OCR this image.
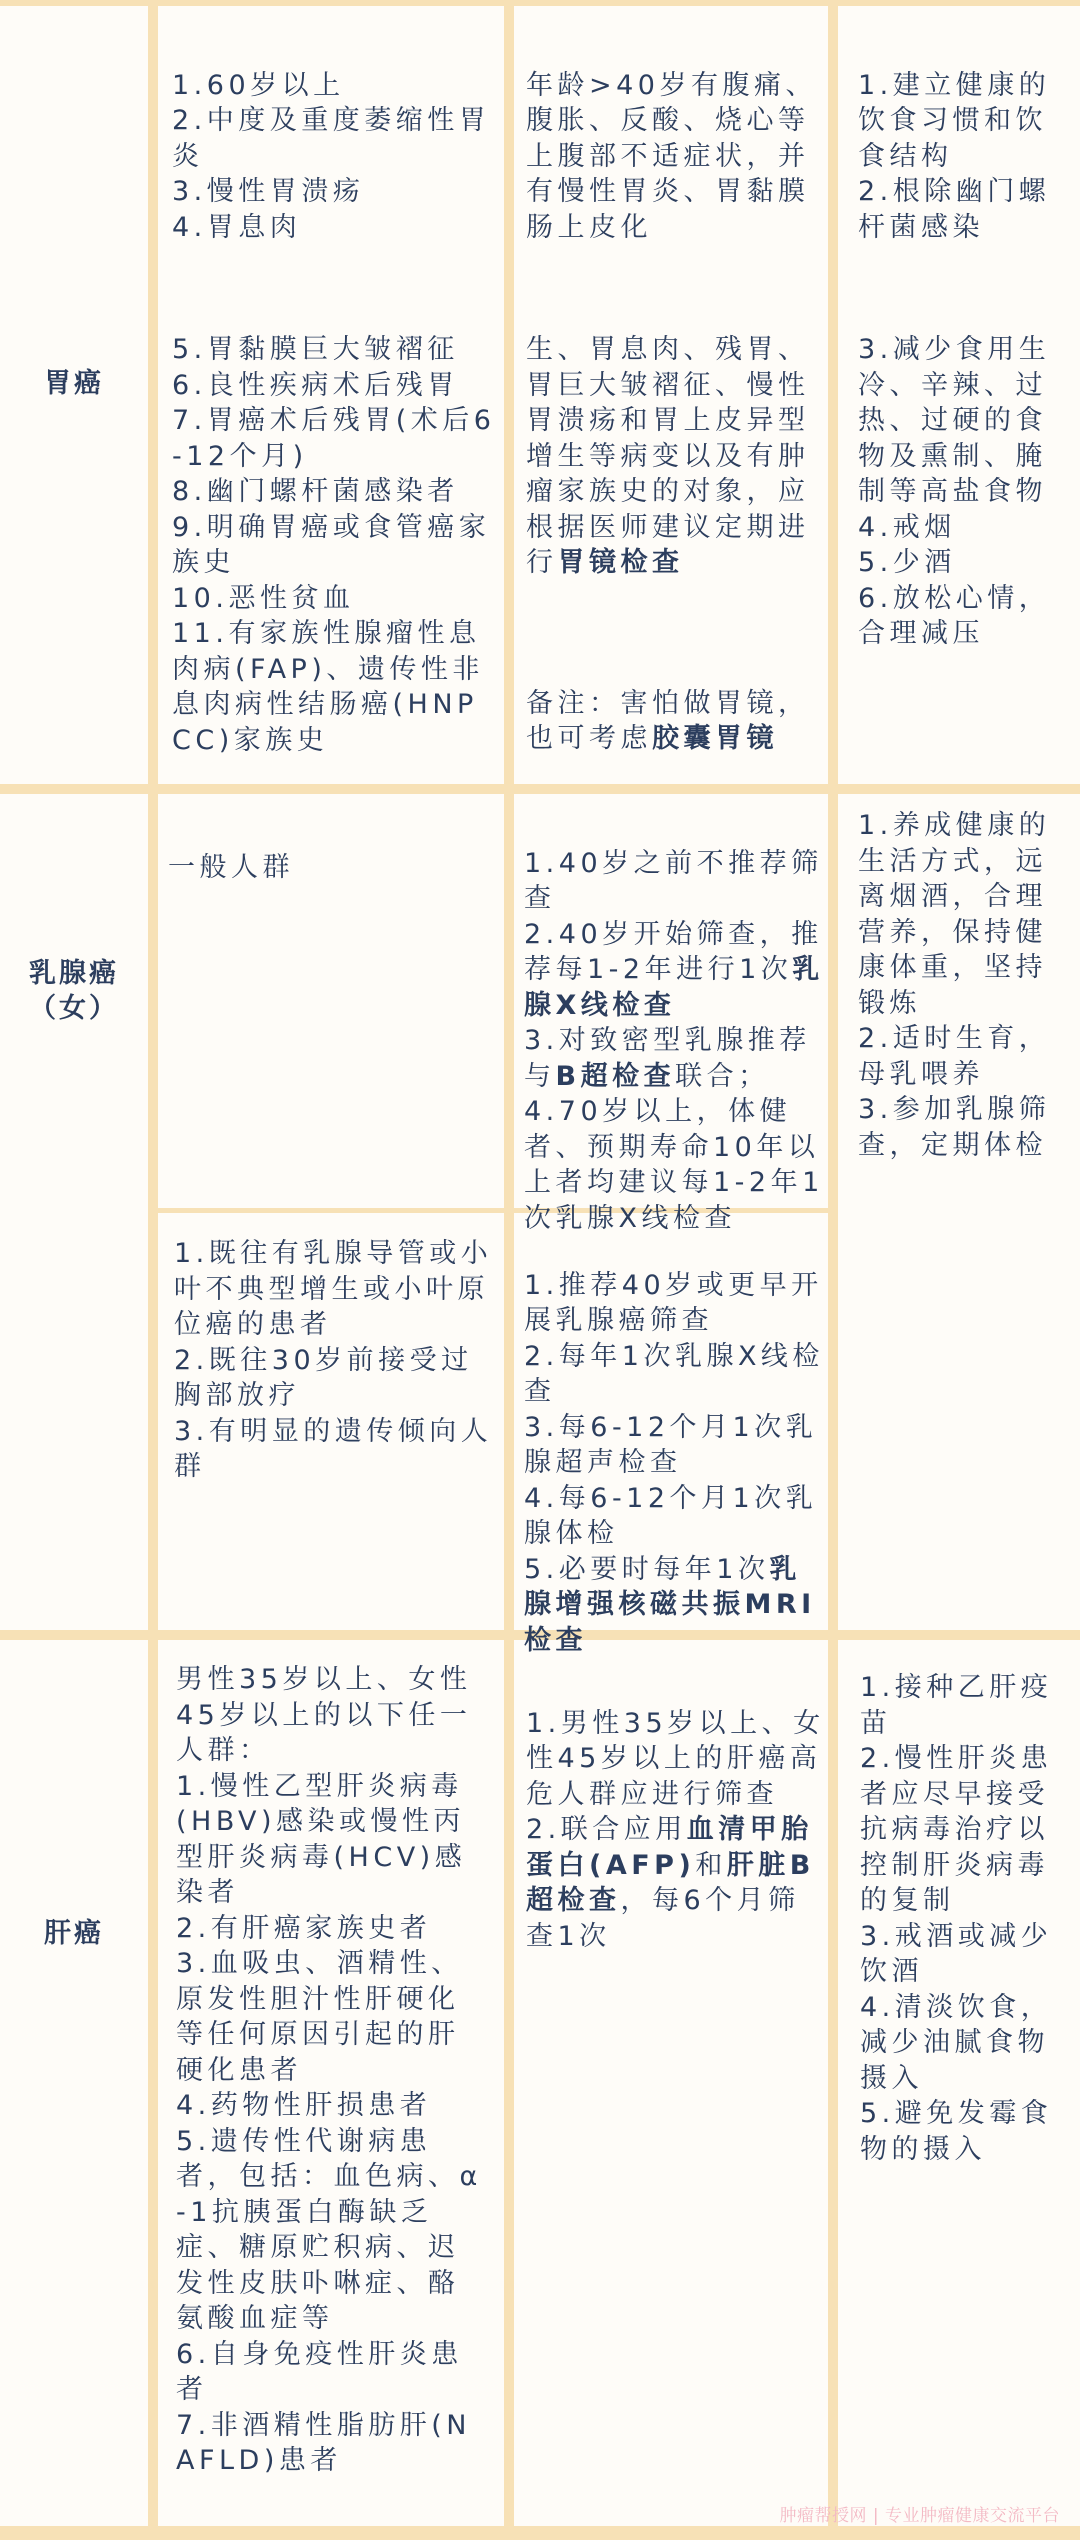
胃癌

1.60岁以上
2.中度及重度萎缩性胃炎
3.慢性胃溃疡
4.胃息肉

5.胃黏膜巨大皱褶征
6.良性疾病术后残胃
7.胃癌术后残胃(术后6-12个月)
8.幽门螺杆菌感染者
9.明确胃癌或食管癌家族史
10.恶性贫血
11.有家族性腺瘤性息肉病(FAP)、遗传性非息肉病性结肠癌(HNPCC)家族史

年龄>40岁有腹痛、腹胀、反酸、烧心等上腹部不适症状，并有慢性胃炎、胃黏膜肠上皮化

生、胃息肉、残胃、胃巨大皱褶征、慢性胃溃疡和胃上皮异型增生等病变以及有肿瘤家族史的对象，应根据医师建议定期进行胃镜检查

备注：害怕做胃镜，也可考虑胶囊胃镜

1.建立健康的饮食习惯和饮食结构
2.根除幽门螺杆菌感染

3.减少食用生冷、辛辣、过热、过硬的食物及熏制、腌制等高盐食物
4.戒烟
5.少酒
6.放松心情，合理减压

乳腺癌
（女）
一般人群	1.40岁之前不推荐筛查
2.40岁开始筛查，推荐每1-2年进行1次乳腺X线检查
3.对致密型乳腺推荐与B超检查联合；
4.70岁以上，体健者、预期寿命10年以上者均建议每1-2年1次乳腺X线检查

1.养成健康的生活方式，远离烟酒，合理营养，保持健康体重，坚持锻炼
2.适时生育，母乳喂养
3.参加乳腺筛查，定期体检
1.既往有乳腺导管或小叶不典型增生或小叶原位癌的患者
2.既往30岁前接受过胸部放疗
3.有明显的遗传倾向人群

1.推荐40岁或更早开展乳腺癌筛查
2.每年1次乳腺X线检查
3.每6-12个月1次乳腺超声检查
4.每6-12个月1次乳腺体检
5.必要时每年1次乳腺增强核磁共振MRI检查

肝癌
男性35岁以上、女性45岁以上的以下任一人群：
1.慢性乙型肝炎病毒(HBV)感染或慢性丙型肝炎病毒(HCV)感染者
2.有肝癌家族史者
3.血吸虫、酒精性、原发性胆汁性肝硬化等任何原因引起的肝硬化患者
4.药物性肝损患者
5.遗传性代谢病患者，包括：血色病、α-1抗胰蛋白酶缺乏症、糖原贮积病、迟发性皮肤卟啉症、酪氨酸血症等
6.自身免疫性肝炎患者
7.非酒精性脂肪肝(NAFLD)患者

1.男性35岁以上、女性45岁以上的肝癌高危人群应进行筛查
2.联合应用血清甲胎蛋白(AFP)和肝脏B超检查，每6个月筛查1次

1.接种乙肝疫苗
2.慢性肝炎患者应尽早接受抗病毒治疗以控制肝炎病毒的复制
3.戒酒或减少饮酒
4.清淡饮食，减少油腻食物摄入
5.避免发霉食物的摄入
肿瘤帮授网 | 专业肿瘤健康交流平台
